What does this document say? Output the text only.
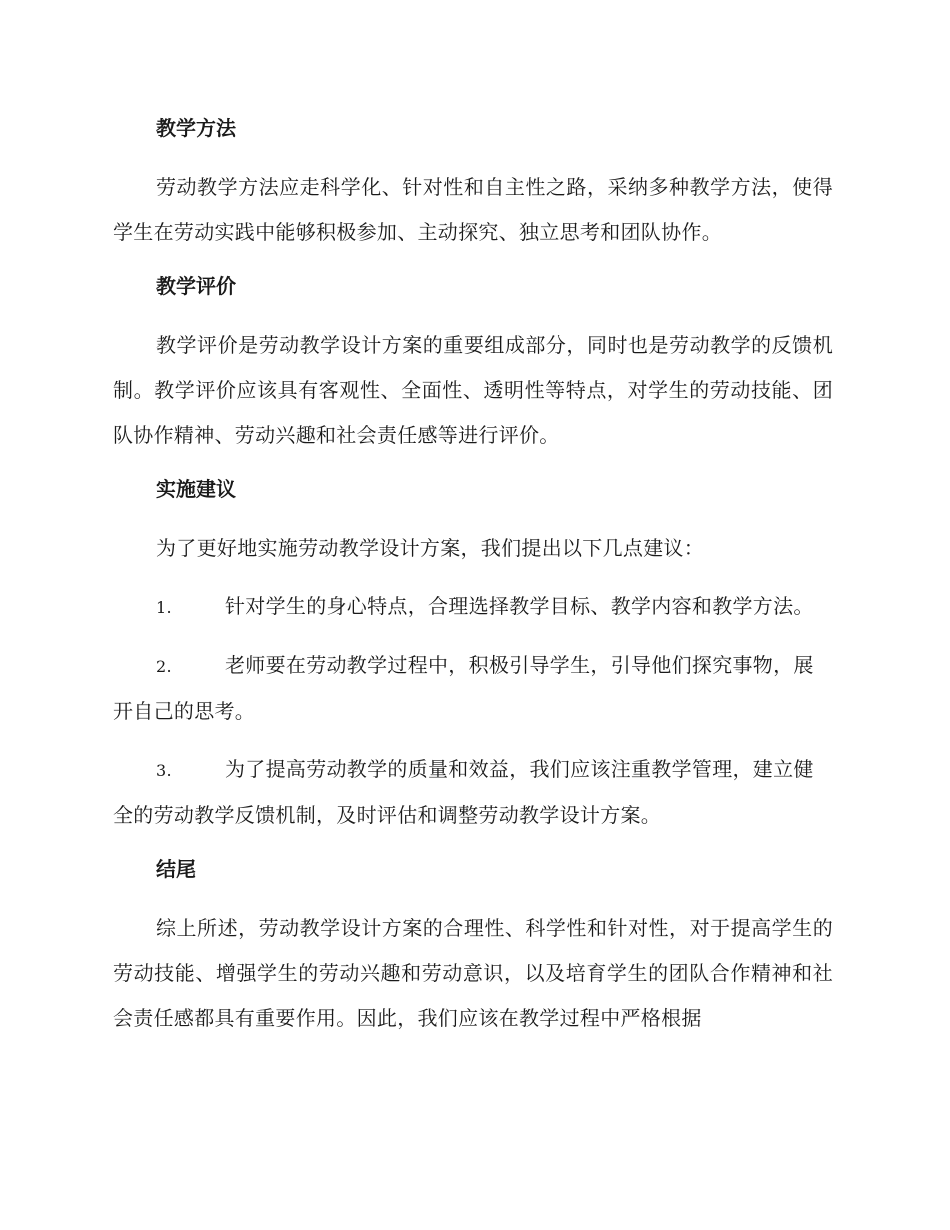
教学方法
劳动教学方法应走科学化、针对性和自主性之路，采纳多种教学方法，使得学生在劳动实践中能够积极参加、主动探究、独立思考和团队协作。
教学评价
教学评价是劳动教学设计方案的重要组成部分，同时也是劳动教学的反馈机制。教学评价应该具有客观性、全面性、透明性等特点，对学生的劳动技能、团队协作精神、劳动兴趣和社会责任感等进行评价。
实施建议
为了更好地实施劳动教学设计方案，我们提出以下几点建议：
1.	针对学生的身心特点，合理选择教学目标、教学内容和教学方法。
2.	老师要在劳动教学过程中，积极引导学生，引导他们探究事物，展开自己的思考。
3.	为了提高劳动教学的质量和效益，我们应该注重教学管理，建立健全的劳动教学反馈机制，及时评估和调整劳动教学设计方案。
结尾
综上所述，劳动教学设计方案的合理性、科学性和针对性，对于提高学生的劳动技能、增强学生的劳动兴趣和劳动意识，以及培育学生的团队合作精神和社会责任感都具有重要作用。因此，我们应该在教学过程中严格根据
